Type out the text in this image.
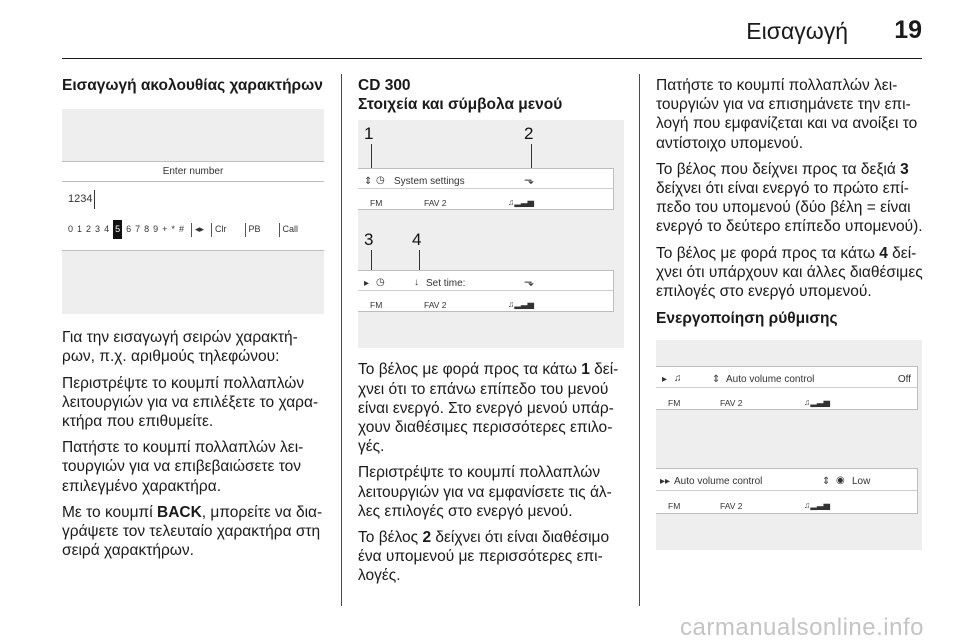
Εισαγωγή 19
Εισαγωγή ακολουθίας χαρακτήρων
Enter number
1234
0 1 2 3 4 5 6 7 8 9 + * # ◂▸ Clr PB Call

Για την εισαγωγή σειρών χαρακτήρων, π.χ. αριθμούς τηλεφώνου:

Περιστρέψτε το κουμπί πολλαπλών λειτουργιών για να επιλέξετε το χαρακτήρα που επιθυμείτε.

Πατήστε το κουμπί πολλαπλών λειτουργιών για να επιβεβαιώσετε τον επιλεγμένο χαρακτήρα.

Με το κουμπί BACK, μπορείτε να διαγράψετε τον τελευταίο χαρακτήρα στη σειρά χαρακτήρων.

CD 300
Στοιχεία και σύμβολα μενού
1	2
⇕ ◷ System settings	⬎
FM	FAV 2	♫▂▃▅
3 4
▸ ◷	↓ Set time:	⬎
FM	FAV 2	♫▂▃▅

Το βέλος με φορά προς τα κάτω 1 δείχνει ότι το επάνω επίπεδο του μενού είναι ενεργό. Στο ενεργό μενού υπάρχουν διαθέσιμες περισσότερες επιλογές.

Περιστρέψτε το κουμπί πολλαπλών λειτουργιών για να εμφανίσετε τις άλλες επιλογές στο ενεργό μενού.

Το βέλος 2 δείχνει ότι είναι διαθέσιμο ένα υπομενού με περισσότερες επιλογές.

Πατήστε το κουμπί πολλαπλών λειτουργιών για να επισημάνετε την επιλογή που εμφανίζεται και να ανοίξει το αντίστοιχο υπομενού.

Το βέλος που δείχνει προς τα δεξιά 3 δείχνει ότι είναι ενεργό το πρώτο επίπεδο του υπομενού (δύο βέλη = είναι ενεργό το δεύτερο επίπεδο υπομενού).

Το βέλος με φορά προς τα κάτω 4 δείχνει ότι υπάρχουν και άλλες διαθέσιμες επιλογές στο ενεργό υπομενού.

Ενεργοποίηση ρύθμισης
▸ ♫	⇕ Auto volume control	Off
FM	FAV 2	♫▂▃▅
▸▸ Auto volume control	⇕ ◉ Low
FM	FAV 2	♫▂▃▅
carmanualsonline.info
